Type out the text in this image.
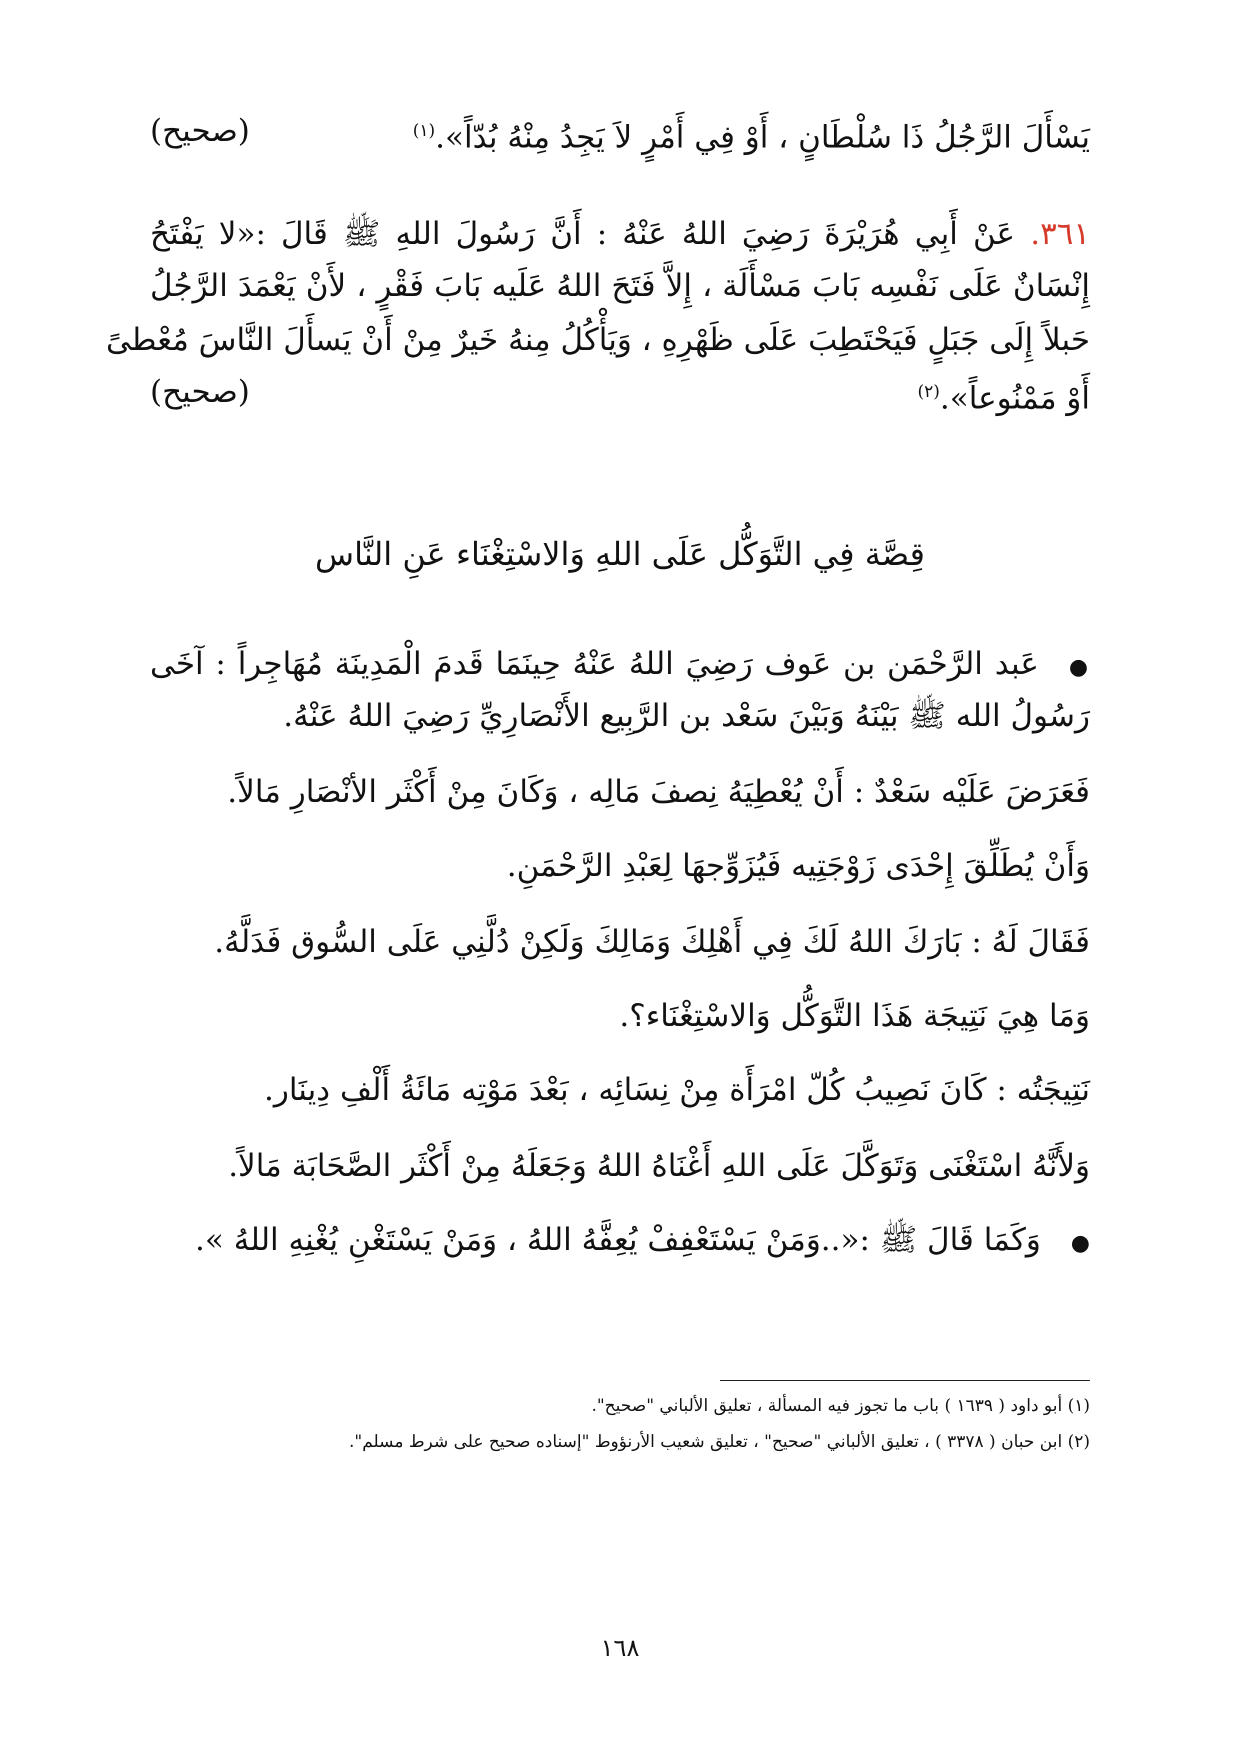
يَسْأَلَ الرَّجُلُ ذَا سُلْطَانٍ ، أَوْ فِي أَمْرٍ لاَ يَجِدُ مِنْهُ بُدّاً».$^{(١)}$
(صحيح)
٣٦١. عَنْ أَبِي هُرَيْرَةَ رَضِيَ اللهُ عَنْهُ : أَنَّ رَسُولَ اللهِ ﷺ قَالَ :«لا يَفْتَحُ
إِنْسَانٌ عَلَى نَفْسِه بَابَ مَسْأَلَة ، إِلاَّ فَتَحَ اللهُ عَلَيه بَابَ فَقْرٍ ، لأَنْ يَعْمَدَ الرَّجُلُ
حَبلاً إِلَى جَبَلٍ فَيَحْتَطِبَ عَلَى ظَهْرِهِ ، وَيَأْكُلُ مِنهُ خَيرٌ مِنْ أَنْ يَسأَلَ النَّاسَ مُعْطىً
أَوْ مَمْنُوعاً».$^{(٢)}$
(صحيح)
قِصَّة فِي التَّوَكُّل عَلَى اللهِ وَالاسْتِغْنَاء عَنِ النَّاس
●عَبد الرَّحْمَن بن عَوف رَضِيَ اللهُ عَنْهُ حِينَمَا قَدمَ الْمَدِينَة مُهَاجِراً : آخَى
رَسُولُ الله ﷺ بَيْنَهُ وَبَيْنَ سَعْد بن الرَّبِيع الأَنْصَارِيِّ رَضِيَ اللهُ عَنْهُ.
فَعَرَضَ عَلَيْه سَعْدٌ : أَنْ يُعْطِيَهُ نِصفَ مَالِه ، وَكَانَ مِنْ أَكْثَر الأنْصَارِ مَالاً.
وَأَنْ يُطَلِّقَ إِحْدَى زَوْجَتِيه فَيُزَوِّجهَا لِعَبْدِ الرَّحْمَنِ.
فَقَالَ لَهُ : بَارَكَ اللهُ لَكَ فِي أَهْلِكَ وَمَالِكَ وَلَكِنْ دُلَّنِي عَلَى السُّوق فَدَلَّهُ.
وَمَا هِيَ نَتِيجَة هَذَا التَّوَكُّل وَالاسْتِغْنَاء؟.
نَتِيجَتُه : كَانَ نَصِيبُ كُلّ امْرَأَة مِنْ نِسَائِه ، بَعْدَ مَوْتِه مَائَةُ أَلْفِ دِينَار.
وَلأَنَّهُ اسْتَغْنَى وَتَوَكَّلَ عَلَى اللهِ أَغْنَاهُ اللهُ وَجَعَلَهُ مِنْ أَكْثَر الصَّحَابَة مَالاً.
●وَكَمَا قَالَ ﷺ :«..وَمَنْ يَسْتَعْفِفْ يُعِفَّهُ اللهُ ، وَمَنْ يَسْتَغْنِ يُغْنِهِ اللهُ ».
(١) أبو داود ( ١٦٣٩ ) باب ما تجوز فيه المسألة ، تعليق الألباني "صحيح".
(٢) ابن حبان ( ٣٣٧٨ ) ، تعليق الألباني "صحيح" ، تعليق شعيب الأرنؤوط "إسناده صحيح على شرط مسلم".
١٦٨
